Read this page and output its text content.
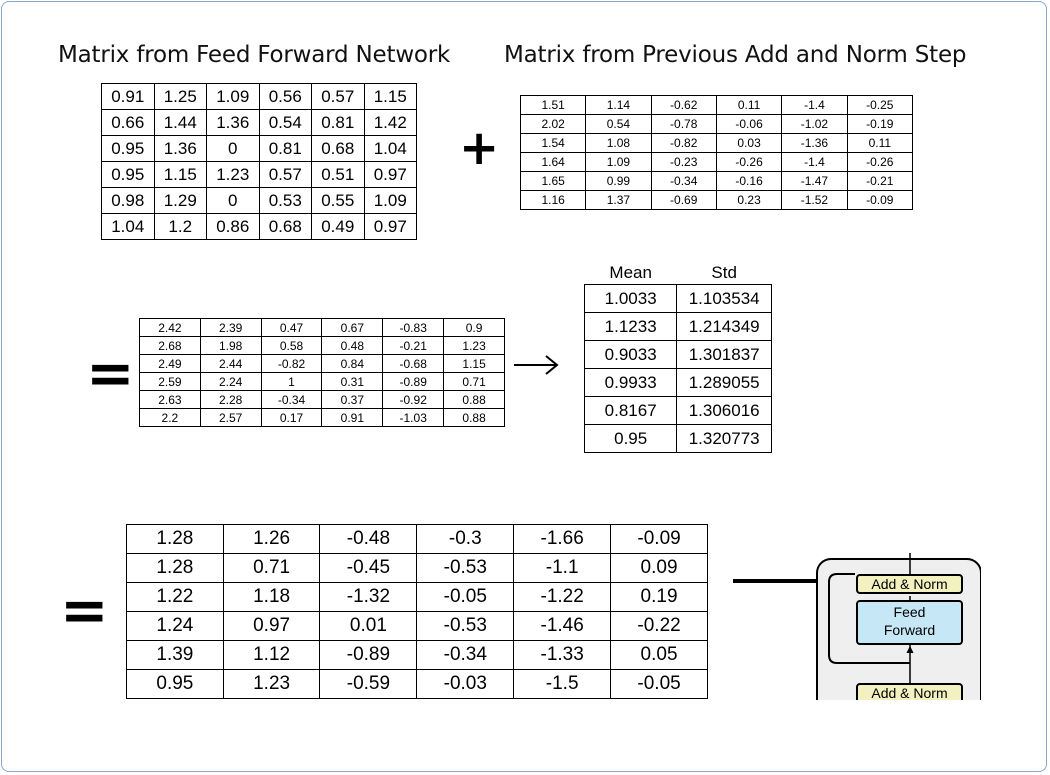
Matrix from Feed Forward Network Matrix from Previous Add and Norm Step
0.91	1.25	1.09	0.56	0.57	1.15
0.66	1.44	1.36	0.54	0.81	1.42
0.95	1.36	0	0.81	0.68	1.04
0.95	1.15	1.23	0.57	0.51	0.97
0.98	1.29	0	0.53	0.55	1.09
1.04	1.2	0.86	0.68	0.49	0.97
+
1.51	1.14	-0.62	0.11	-1.4	-0.25
2.02	0.54	-0.78	-0.06	-1.02	-0.19
1.54	1.08	-0.82	0.03	-1.36	0.11
1.64	1.09	-0.23	-0.26	-1.4	-0.26
1.65	0.99	-0.34	-0.16	-1.47	-0.21
1.16	1.37	-0.69	0.23	-1.52	-0.09
=
2.42	2.39	0.47	0.67	-0.83	0.9
2.68	1.98	0.58	0.48	-0.21	1.23
2.49	2.44	-0.82	0.84	-0.68	1.15
2.59	2.24	1	0.31	-0.89	0.71
2.63	2.28	-0.34	0.37	-0.92	0.88
2.2	2.57	0.17	0.91	-1.03	0.88
Mean	Std
1.0033	1.103534
1.1233	1.214349
0.9033	1.301837
0.9933	1.289055
0.8167	1.306016
0.95	1.320773
=
1.28	1.26	-0.48	-0.3	-1.66	-0.09
1.28	0.71	-0.45	-0.53	-1.1	0.09
1.22	1.18	-1.32	-0.05	-1.22	0.19
1.24	0.97	0.01	-0.53	-1.46	-0.22
1.39	1.12	-0.89	-0.34	-1.33	0.05
0.95	1.23	-0.59	-0.03	-1.5	-0.05
Add & Norm
Feed
Forward
Add & Norm
